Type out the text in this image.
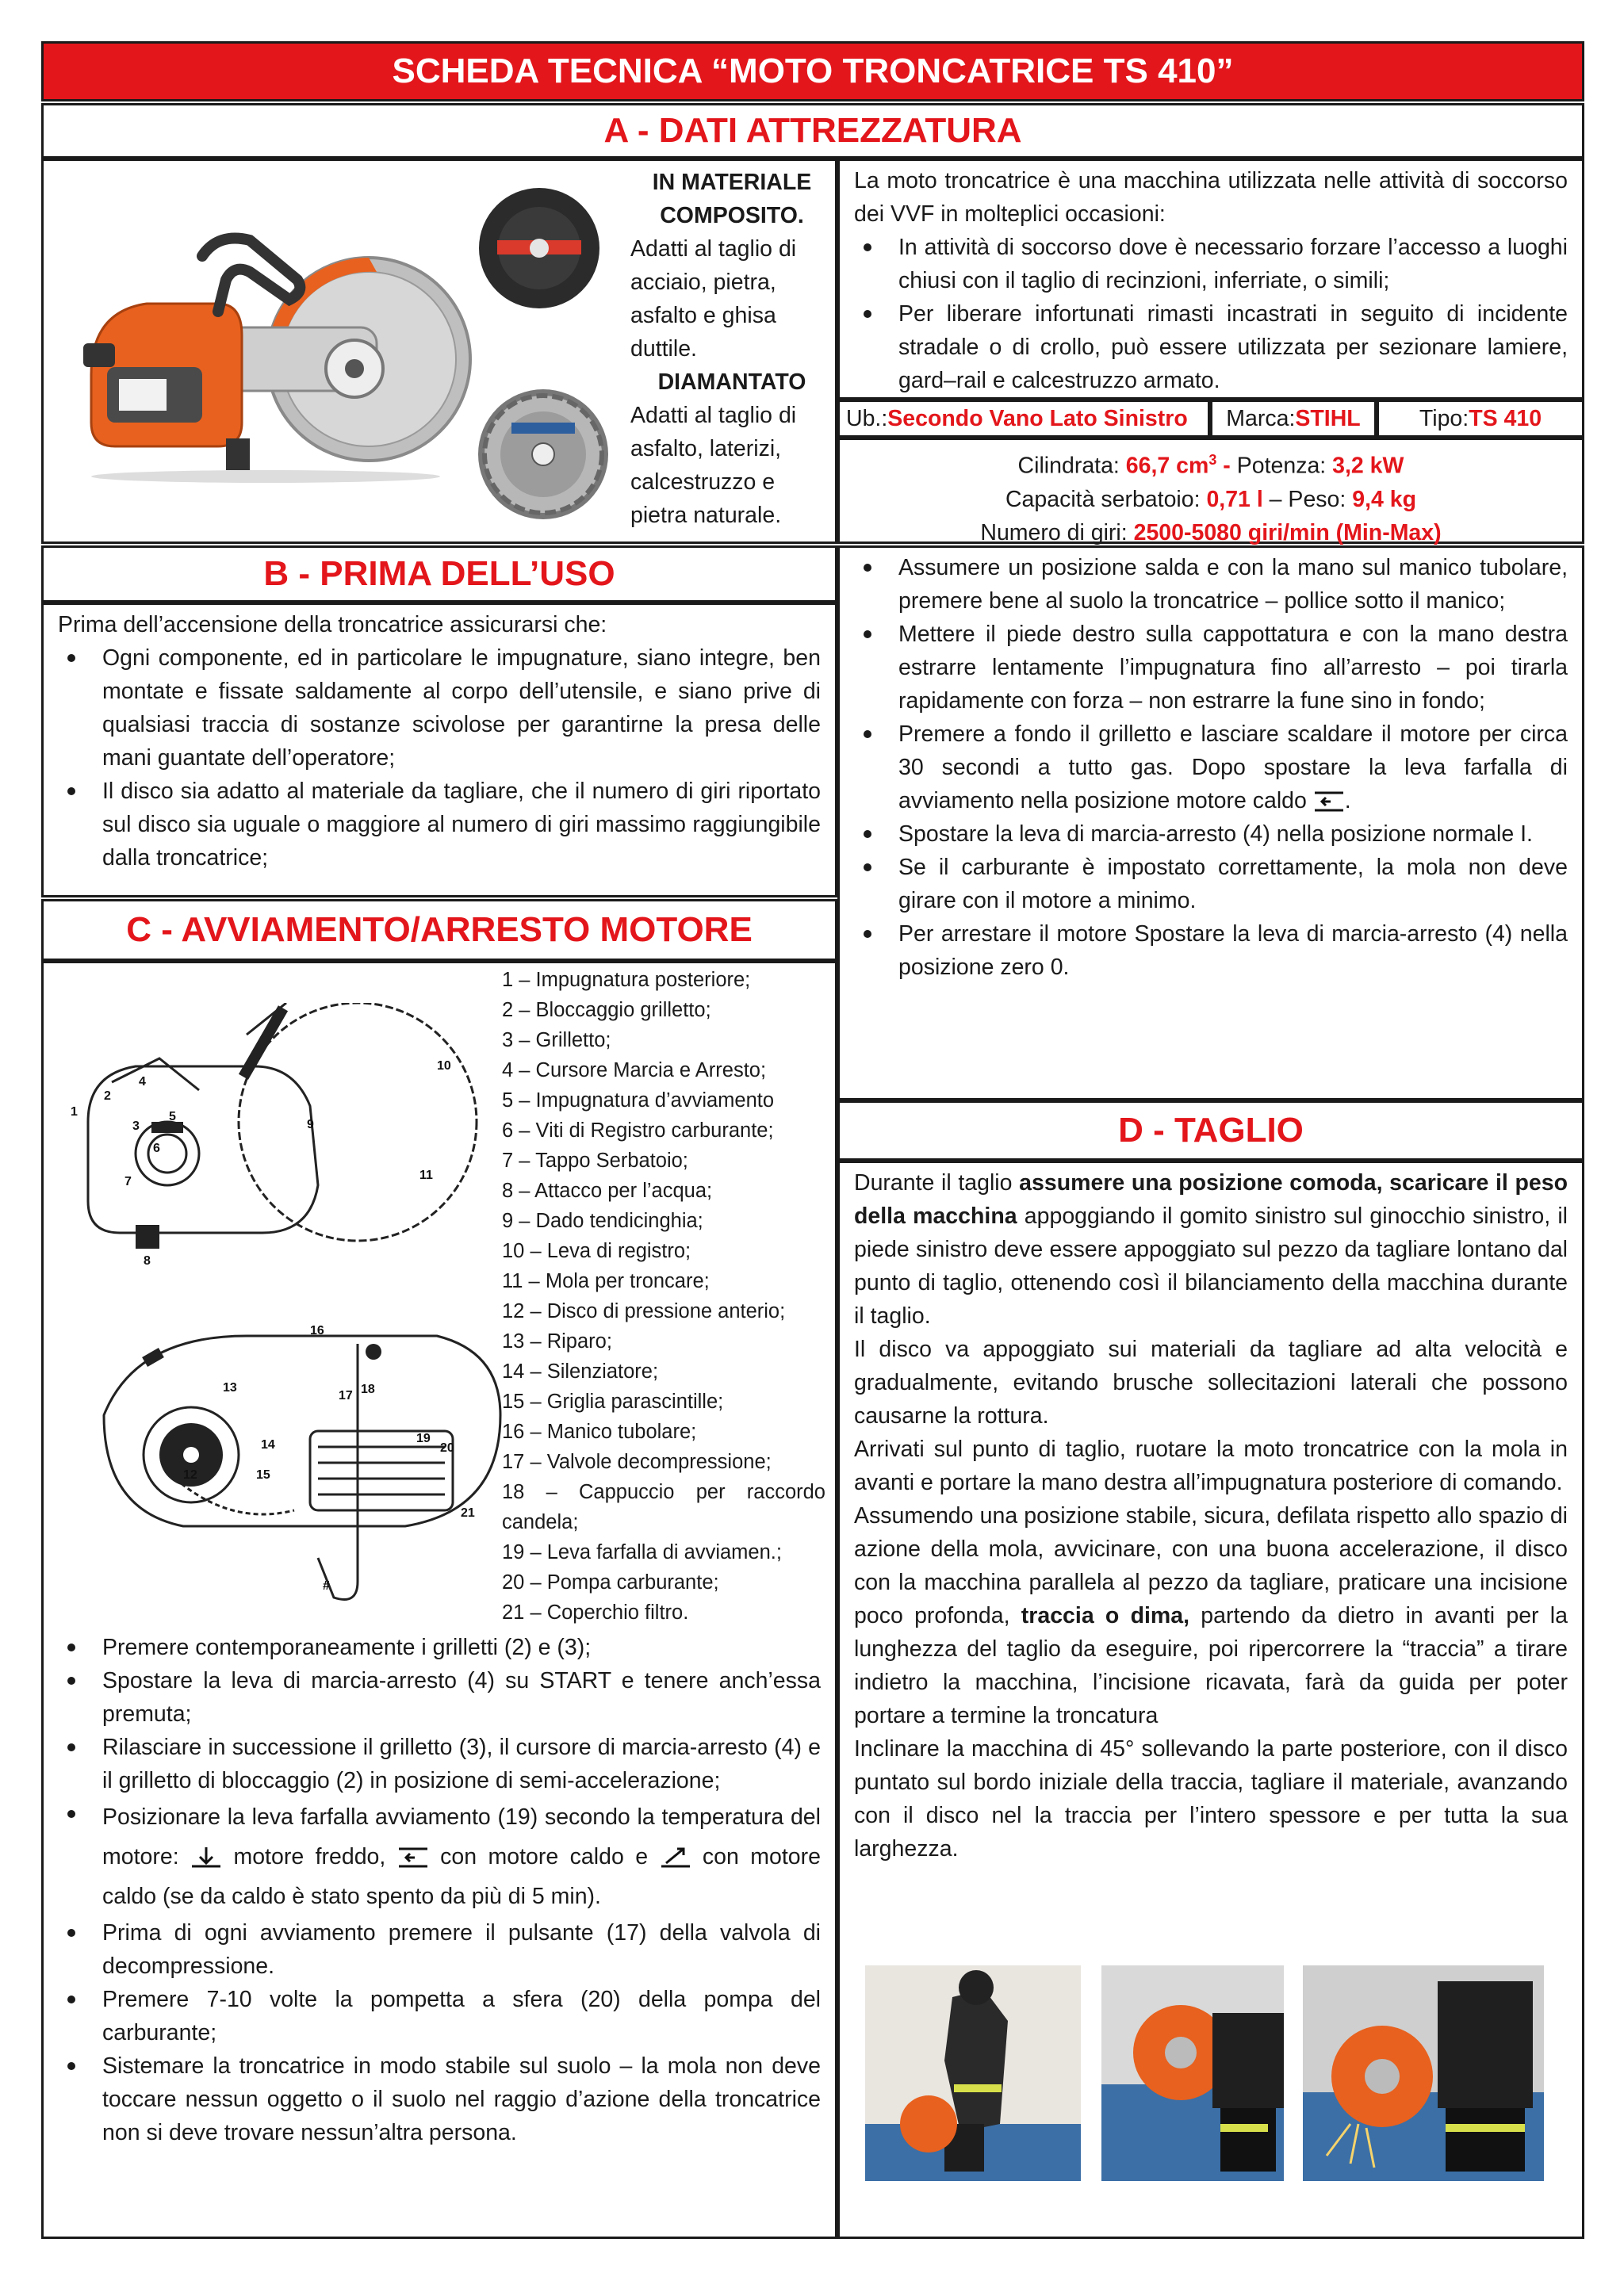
SCHEDA TECNICA “MOTO TRONCATRICE TS 410”
A - DATI ATTREZZATURA
IN MATERIALE COMPOSITO.
Adatti al taglio di acciaio, pietra, asfalto e ghisa duttile.
DIAMANTATO
Adatti al taglio di asfalto, laterizi, calcestruzzo e pietra naturale.
La moto troncatrice è una macchina utilizzata nelle attività di soccorso dei VVF in molteplici occasioni:
In attività di soccorso dove è necessario forzare l’accesso a luoghi chiusi con il taglio di recinzioni, inferriate, o simili;
Per liberare infortunati rimasti incastrati in seguito di incidente stradale o di crollo, può essere utilizzata per sezionare lamiere, gard–rail e calcestruzzo armato.
Ub.: Secondo Vano Lato Sinistro Marca: STIHL	Tipo: TS 410
Cilindrata: 66,7 $cm^3$ - Potenza: 3,2 kW
Capacità serbatoio: 0,71 l – Peso: 9,4 kg
Numero di giri: 2500-5080 giri/min (Min-Max)
B - PRIMA DELL’USO
Prima dell’accensione della troncatrice assicurarsi che:
Ogni componente, ed in particolare le impugnature, siano integre, ben montate e fissate saldamente al corpo dell’utensile, e siano prive di qualsiasi traccia di sostanze scivolose per garantirne la presa delle mani guantate dell’operatore;
Il disco sia adatto al materiale da tagliare, che il numero di giri riportato sul disco sia uguale o maggiore al numero di giri massimo raggiungibile dalla troncatrice;
C - AVVIAMENTO/ARRESTO MOTORE
1
2
3
4
5
6
7
8
9
10
11
12
13
14
15
16
17 18
19
20
21
#
1 – Impugnatura posteriore;
2 – Bloccaggio grilletto;
3 – Grilletto;
4 – Cursore Marcia e Arresto;
5 – Impugnatura d’avviamento
6 – Viti di Registro carburante;
7 – Tappo Serbatoio;
8 – Attacco per l’acqua;
9 – Dado tendicinghia;
10 – Leva di registro;
11 – Mola per troncare;
12 – Disco di pressione anterio;
13 – Riparo;
14 – Silenziatore;
15 – Griglia parascintille;
16 – Manico tubolare;
17 – Valvole decompressione;
18 – Cappuccio per raccordo candela;
19 – Leva farfalla di avviamen.;
20 – Pompa carburante;
21 – Coperchio filtro.
Premere contemporaneamente i grilletti (2) e (3);
Spostare la leva di marcia-arresto (4) su START e tenere anch’essa premuta;
Rilasciare in successione il grilletto (3), il cursore di marcia-arresto (4) e il grilletto di bloccaggio (2) in posizione di semi-accelerazione;
Posizionare la leva farfalla avviamento (19) secondo la temperatura del motore:  motore freddo,  con motore caldo e  con motore caldo (se da caldo è stato spento da più di 5 min).
Prima di ogni avviamento premere il pulsante (17) della valvola di decompressione.
Premere 7-10 volte la pompetta a sfera (20) della pompa del carburante;
Sistemare la troncatrice in modo stabile sul suolo – la mola non deve toccare nessun oggetto o il suolo nel raggio d’azione della troncatrice non si deve trovare nessun’altra persona.
Assumere un posizione salda e con la mano sul manico tubolare, premere bene al suolo la troncatrice – pollice sotto il manico;
Mettere il piede destro sulla cappottatura e con la mano destra estrarre lentamente l’impugnatura fino all’arresto – poi tirarla rapidamente con forza – non estrarre la fune sino in fondo;
Premere a fondo il grilletto e lasciare scaldare il motore per circa 30 secondi a tutto gas. Dopo spostare la leva farfalla di avviamento nella posizione motore caldo .
Spostare la leva di marcia-arresto (4) nella posizione normale I.
Se il carburante è impostato correttamente, la mola non deve girare con il motore a minimo.
Per arrestare il motore Spostare la leva di marcia-arresto (4) nella posizione zero 0.
D - TAGLIO
Durante il taglio assumere una posizione comoda, scaricare il peso della macchina appoggiando il gomito sinistro sul ginocchio sinistro, il piede sinistro deve essere appoggiato sul pezzo da tagliare lontano dal punto di taglio, ottenendo così il bilanciamento della macchina durante il taglio.
Il disco va appoggiato sui materiali da tagliare ad alta velocità e gradualmente, evitando brusche sollecitazioni laterali che possono causarne la rottura.
Arrivati sul punto di taglio, ruotare la moto troncatrice con la mola in avanti e portare la mano destra all’impugnatura posteriore di comando.
Assumendo una posizione stabile, sicura, defilata rispetto allo spazio di azione della mola, avvicinare, con una buona accelerazione, il disco con la macchina parallela al pezzo da tagliare, praticare una incisione poco profonda, traccia o dima, partendo da dietro in avanti per la lunghezza del taglio da eseguire, poi ripercorrere la “traccia” a tirare indietro la macchina, l’incisione ricavata, farà da guida per poter portare a termine la troncatura
Inclinare la macchina di 45° sollevando la parte posteriore, con il disco puntato sul bordo iniziale della traccia, tagliare il materiale, avanzando con il disco nel la traccia per l’intero spessore e per tutta la sua larghezza.
